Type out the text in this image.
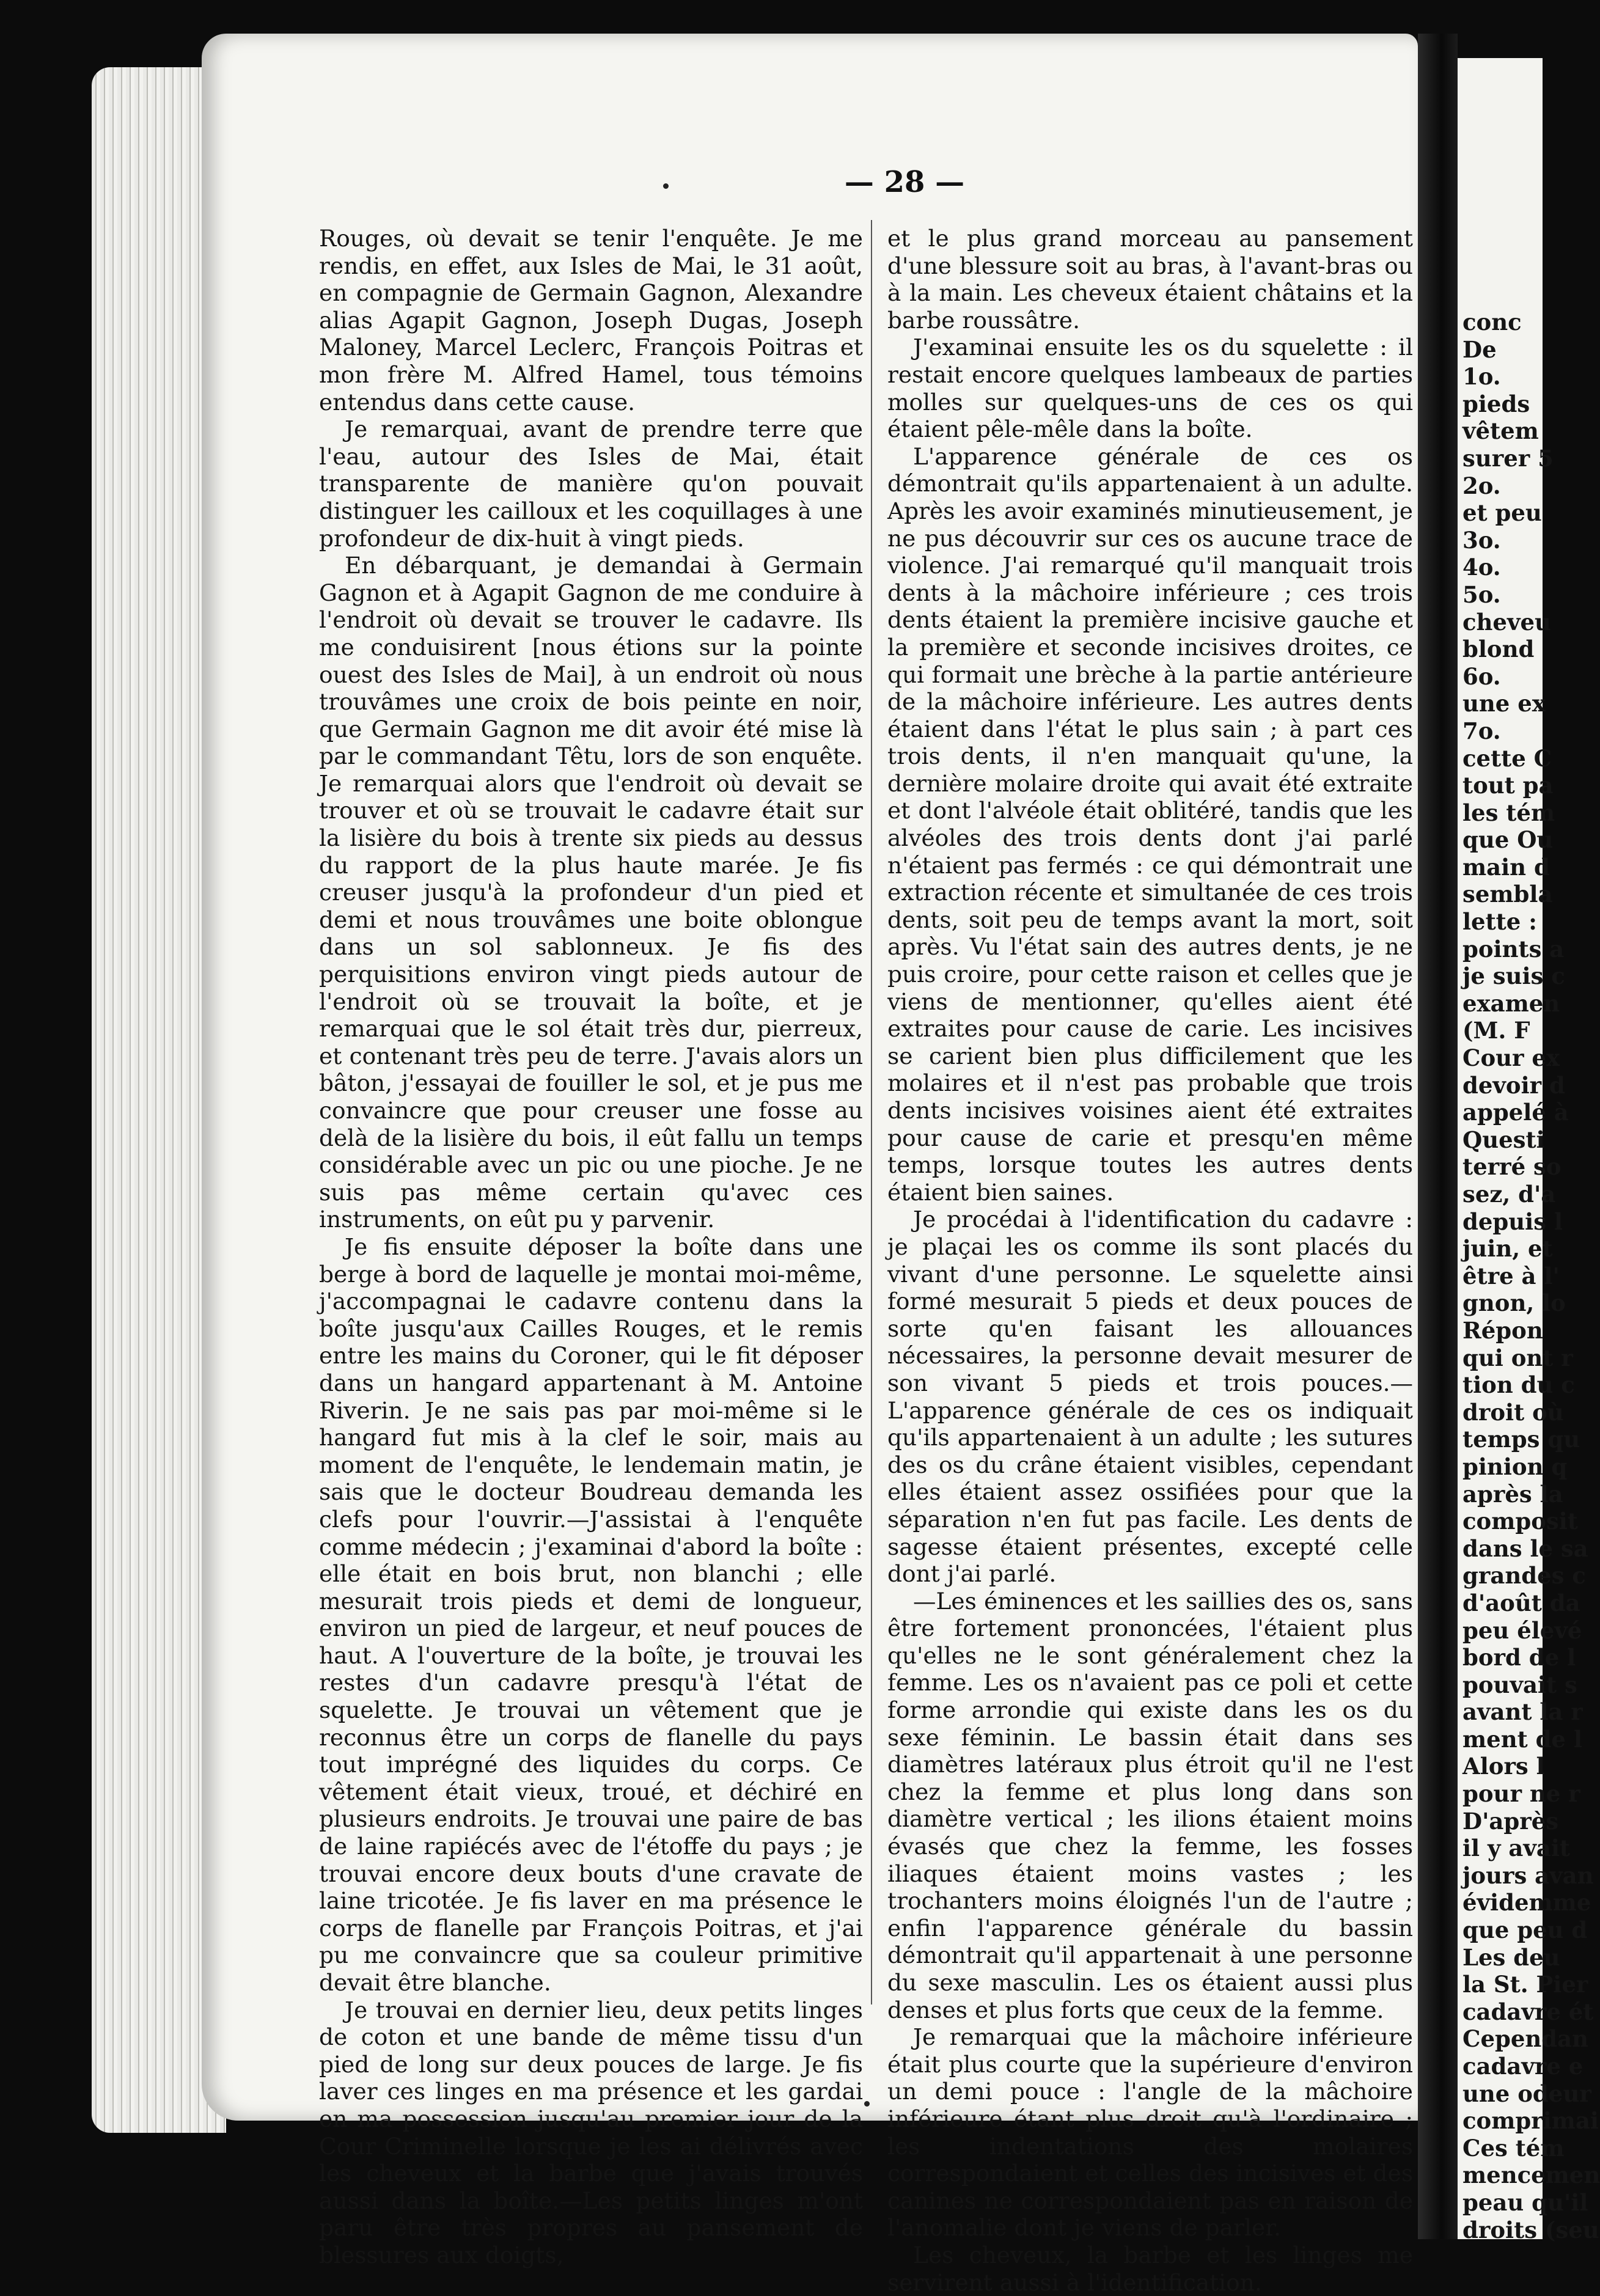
conc
De
1o.
pieds
vêtem
surer 5
2o.
et peu
3o.
4o.
5o.
cheveu
blond
6o.
une ex
7o.
cette C
tout pa
les tém
que Ou
main d
sembla
lette :
points a
je suis c
examen
(M. F
Cour ex
devoir d
appelé à
Questi
terré so
sez, d'a
depuis l
juin, et
être à l'
gnon, lo
Répon
qui ont r
tion du c
droit où
temps qu
pinion q
après la
composit
dans le sa
grandes c
d'août da
peu élevé
bord de l
pouvait s
avant la r
ment de l
Alors l
pour ne r
D'après
il y avait
jours avan
évidemme
que peu d
Les deu
la St. Pier
cadavre ét
Cependan
cadavre e
une odeur
comprimai
Ces tém
mencemen
peau qu'il
droits (seu
— 28 —

Rouges, où devait se tenir l'enquête. Je me rendis, en effet, aux Isles de Mai, le 31 août, en compagnie de Germain Gagnon, Alexandre alias Agapit Gagnon, Joseph Dugas, Joseph Maloney, Marcel Leclerc, François Poitras et mon frère M. Alfred Hamel, tous témoins entendus dans cette cause.

Je remarquai, avant de prendre terre que l'eau, autour des Isles de Mai, était transparente de manière qu'on pouvait distinguer les cailloux et les coquillages à une profondeur de dix-huit à vingt pieds.

En débarquant, je demandai à Germain Gagnon et à Agapit Gagnon de me conduire à l'endroit où devait se trouver le cadavre. Ils me conduisirent [nous étions sur la pointe ouest des Isles de Mai], à un endroit où nous trouvâmes une croix de bois peinte en noir, que Germain Gagnon me dit avoir été mise là par le commandant Têtu, lors de son enquête. Je remarquai alors que l'endroit où devait se trouver et où se trouvait le cadavre était sur la lisière du bois à trente six pieds au dessus du rapport de la plus haute marée. Je fis creuser jusqu'à la profondeur d'un pied et demi et nous trouvâmes une boite oblongue dans un sol sablonneux. Je fis des perquisitions environ vingt pieds autour de l'endroit où se trouvait la boîte, et je remarquai que le sol était très dur, pierreux, et contenant très peu de terre. J'avais alors un bâton, j'essayai de fouiller le sol, et je pus me convaincre que pour creuser une fosse au delà de la lisière du bois, il eût fallu un temps considérable avec un pic ou une pioche. Je ne suis pas même certain qu'avec ces instruments, on eût pu y parvenir.

Je fis ensuite déposer la boîte dans une berge à bord de laquelle je montai moi-même, j'accompagnai le cadavre contenu dans la boîte jusqu'aux Cailles Rouges, et le remis entre les mains du Coroner, qui le fit déposer dans un hangard appartenant à M. Antoine Riverin. Je ne sais pas par moi-même si le hangard fut mis à la clef le soir, mais au moment de l'enquête, le lendemain matin, je sais que le docteur Boudreau demanda les clefs pour l'ouvrir.—J'assistai à l'enquête comme médecin ; j'examinai d'abord la boîte : elle était en bois brut, non blanchi ; elle mesurait trois pieds et demi de longueur, environ un pied de largeur, et neuf pouces de haut. A l'ouverture de la boîte, je trouvai les restes d'un cadavre presqu'à l'état de squelette. Je trouvai un vêtement que je reconnus être un corps de flanelle du pays tout imprégné des liquides du corps. Ce vêtement était vieux, troué, et déchiré en plusieurs endroits. Je trouvai une paire de bas de laine rapiécés avec de l'étoffe du pays ; je trouvai encore deux bouts d'une cravate de laine tricotée. Je fis laver en ma présence le corps de flanelle par François Poitras, et j'ai pu me convaincre que sa couleur primitive devait être blanche.

Je trouvai en dernier lieu, deux petits linges de coton et une bande de même tissu d'un pied de long sur deux pouces de large. Je fis laver ces linges en ma présence et les gardai en ma possession jusqu'au premier jour de la Cour Criminelle lorsque je les ai délivrés avec les cheveux et la barbe que j'avais trouvés aussi dans la boîte.—Les petits linges m'ont paru être très propres au pansement de blessures aux doigts,

et le plus grand morceau au pansement d'une blessure soit au bras, à l'avant-bras ou à la main. Les cheveux étaient châtains et la barbe roussâtre.

J'examinai ensuite les os du squelette : il restait encore quelques lambeaux de parties molles sur quelques-uns de ces os qui étaient pêle-mêle dans la boîte.

L'apparence générale de ces os démontrait qu'ils appartenaient à un adulte. Après les avoir examinés minutieusement, je ne pus découvrir sur ces os aucune trace de violence. J'ai remarqué qu'il manquait trois dents à la mâchoire inférieure ; ces trois dents étaient la première incisive gauche et la première et seconde incisives droites, ce qui formait une brèche à la partie antérieure de la mâchoire inférieure. Les autres dents étaient dans l'état le plus sain ; à part ces trois dents, il n'en manquait qu'une, la dernière molaire droite qui avait été extraite et dont l'alvéole était oblitéré, tandis que les alvéoles des trois dents dont j'ai parlé n'étaient pas fermés : ce qui démontrait une extraction récente et simultanée de ces trois dents, soit peu de temps avant la mort, soit après. Vu l'état sain des autres dents, je ne puis croire, pour cette raison et celles que je viens de mentionner, qu'elles aient été extraites pour cause de carie. Les incisives se carient bien plus difficilement que les molaires et il n'est pas probable que trois dents incisives voisines aient été extraites pour cause de carie et presqu'en même temps, lorsque toutes les autres dents étaient bien saines.

Je procédai à l'identification du cadavre : je plaçai les os comme ils sont placés du vivant d'une personne. Le squelette ainsi formé mesurait 5 pieds et deux pouces de sorte qu'en faisant les allouances nécessaires, la personne devait mesurer de son vivant 5 pieds et trois pouces.—L'apparence générale de ces os indiquait qu'ils appartenaient à un adulte ; les sutures des os du crâne étaient visibles, cependant elles étaient assez ossifiées pour que la séparation n'en fut pas facile. Les dents de sagesse étaient présentes, excepté celle dont j'ai parlé.

—Les éminences et les saillies des os, sans être fortement prononcées, l'étaient plus qu'elles ne le sont généralement chez la femme. Les os n'avaient pas ce poli et cette forme arrondie qui existe dans les os du sexe féminin. Le bassin était dans ses diamètres latéraux plus étroit qu'il ne l'est chez la femme et plus long dans son diamètre vertical ; les ilions étaient moins évasés que chez la femme, les fosses iliaques étaient moins vastes ; les trochanters moins éloignés l'un de l'autre ; enfin l'apparence générale du bassin démontrait qu'il appartenait à une personne du sexe masculin. Les os étaient aussi plus denses et plus forts que ceux de la femme.

Je remarquai que la mâchoire inférieure était plus courte que la supérieure d'environ un demi pouce : l'angle de la mâchoire inférieure étant plus droit qu'à l'ordinaire ; les indentations des molaires correspondaient et celles des incisives et des canines ne correspondaient pas en raison de l'anomalie dont je viens de parler.

Les cheveux, la barbe et les linges me servirent aussi à l'identification.
